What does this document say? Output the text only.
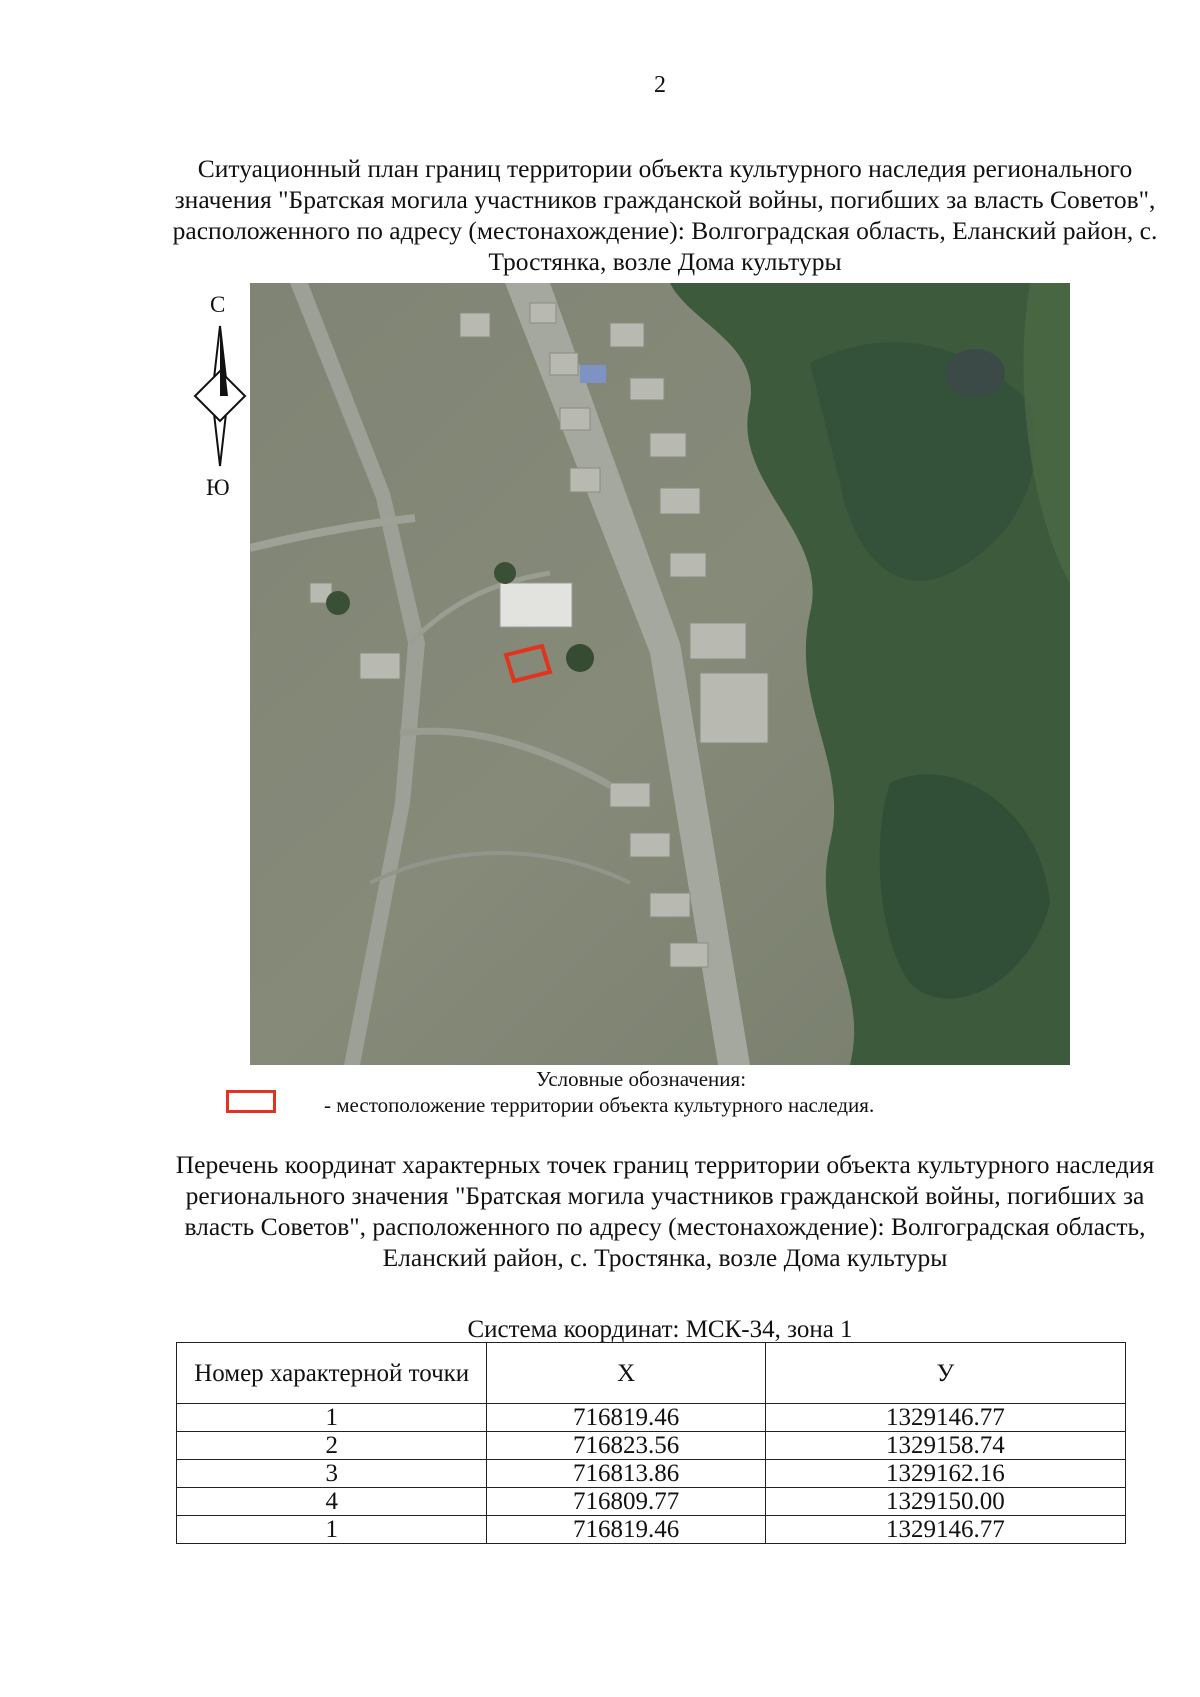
2
Ситуационный план границ территории объекта культурного наследия регионального значения "Братская могила участников гражданской войны, погибших за власть Советов", расположенного по адресу (местонахождение): Волгоградская область, Еланский район, с. Тростянка, возле Дома культуры
С
Ю
Условные обозначения:
- местоположение территории объекта культурного наследия.
Перечень координат характерных точек границ территории объекта культурного наследия регионального значения "Братская могила участников гражданской войны, погибших за власть Советов", расположенного по адресу (местонахождение): Волгоградская область, Еланский район, с. Тростянка, возле Дома культуры
Система координат: МСК-34, зона 1
Номер характерной точки	Х	У
1	716819.46	1329146.77
2	716823.56	1329158.74
3	716813.86	1329162.16
4	716809.77	1329150.00
1	716819.46	1329146.77
